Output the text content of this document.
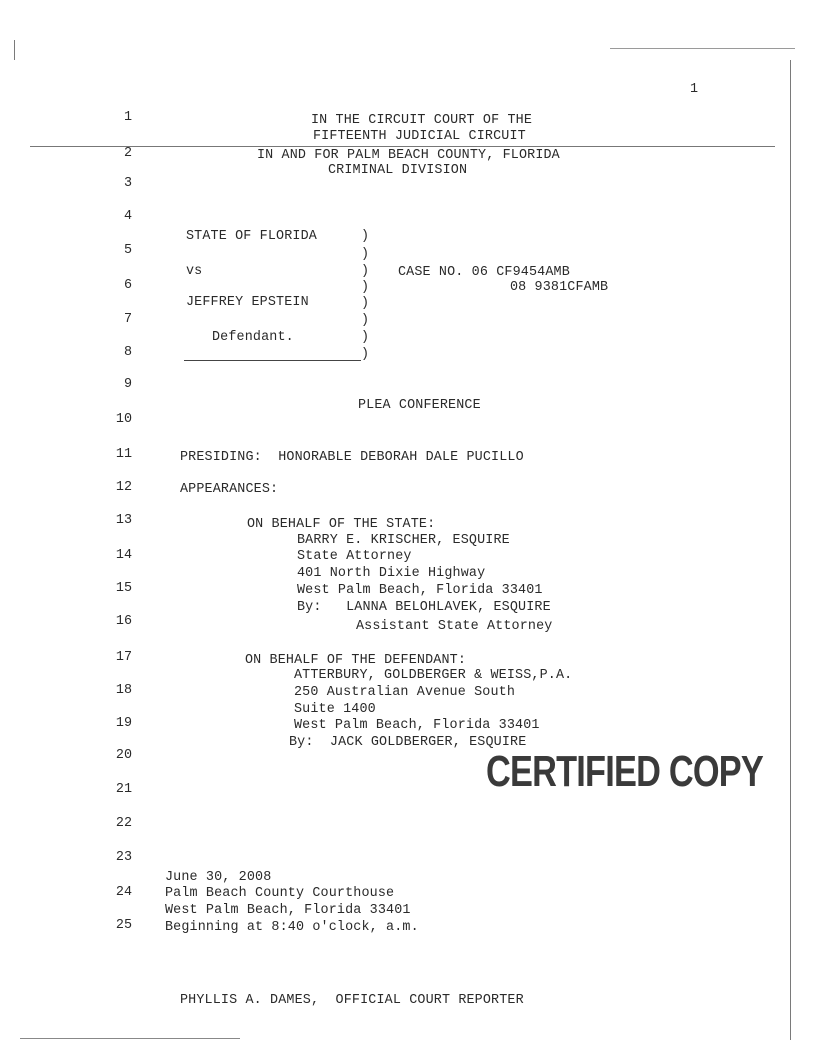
1
1
2
3
4
5
6
7
8
9
10
11
12
13
14
15
16
17
18
19
20
21
22
23
24
25
IN THE CIRCUIT COURT OF THE
FIFTEENTH JUDICIAL CIRCUIT
IN AND FOR PALM BEACH COUNTY, FLORIDA
CRIMINAL DIVISION
STATE OF FLORIDA
vs
JEFFREY EPSTEIN
Defendant.
)
)
)
)
)
)
)
)
CASE NO. 06 CF9454AMB
08 9381CFAMB
PLEA CONFERENCE
PRESIDING:  HONORABLE DEBORAH DALE PUCILLO
APPEARANCES:
ON BEHALF OF THE STATE:
BARRY E. KRISCHER, ESQUIRE
State Attorney
401 North Dixie Highway
West Palm Beach, Florida 33401
By:   LANNA BELOHLAVEK, ESQUIRE
Assistant State Attorney
ON BEHALF OF THE DEFENDANT:
ATTERBURY, GOLDBERGER & WEISS,P.A.
250 Australian Avenue South
Suite 1400
West Palm Beach, Florida 33401
By:  JACK GOLDBERGER, ESQUIRE
CERTIFIED COPY
June 30, 2008
Palm Beach County Courthouse
West Palm Beach, Florida 33401
Beginning at 8:40 o'clock, a.m.
PHYLLIS A. DAMES,  OFFICIAL COURT REPORTER
